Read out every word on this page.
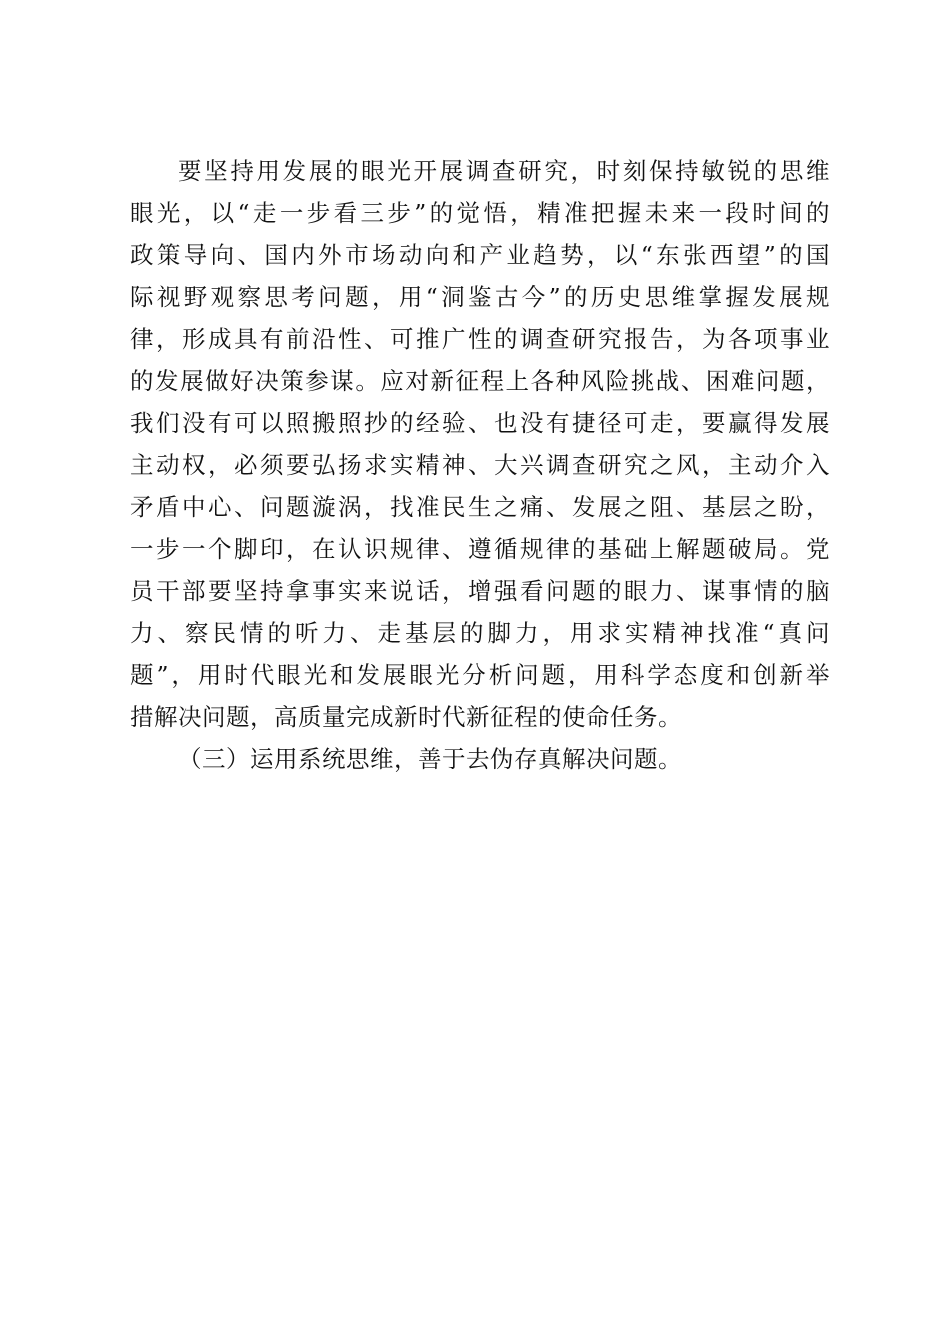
要坚持用发展的眼光开展调查研究，时刻保持敏锐的思维
眼光，以“走一步看三步”的觉悟，精准把握未来一段时间的
政策导向、国内外市场动向和产业趋势，以“东张西望”的国
际视野观察思考问题，用“洞鉴古今”的历史思维掌握发展规
律，形成具有前沿性、可推广性的调查研究报告，为各项事业
的发展做好决策参谋。应对新征程上各种风险挑战、困难问题，
我们没有可以照搬照抄的经验、也没有捷径可走，要赢得发展
主动权，必须要弘扬求实精神、大兴调查研究之风，主动介入
矛盾中心、问题漩涡，找准民生之痛、发展之阻、基层之盼，
一步一个脚印，在认识规律、遵循规律的基础上解题破局。党
员干部要坚持拿事实来说话，增强看问题的眼力、谋事情的脑
力、察民情的听力、走基层的脚力，用求实精神找准“真问
题”，用时代眼光和发展眼光分析问题，用科学态度和创新举
措解决问题，高质量完成新时代新征程的使命任务。
（三）运用系统思维，善于去伪存真解决问题。
